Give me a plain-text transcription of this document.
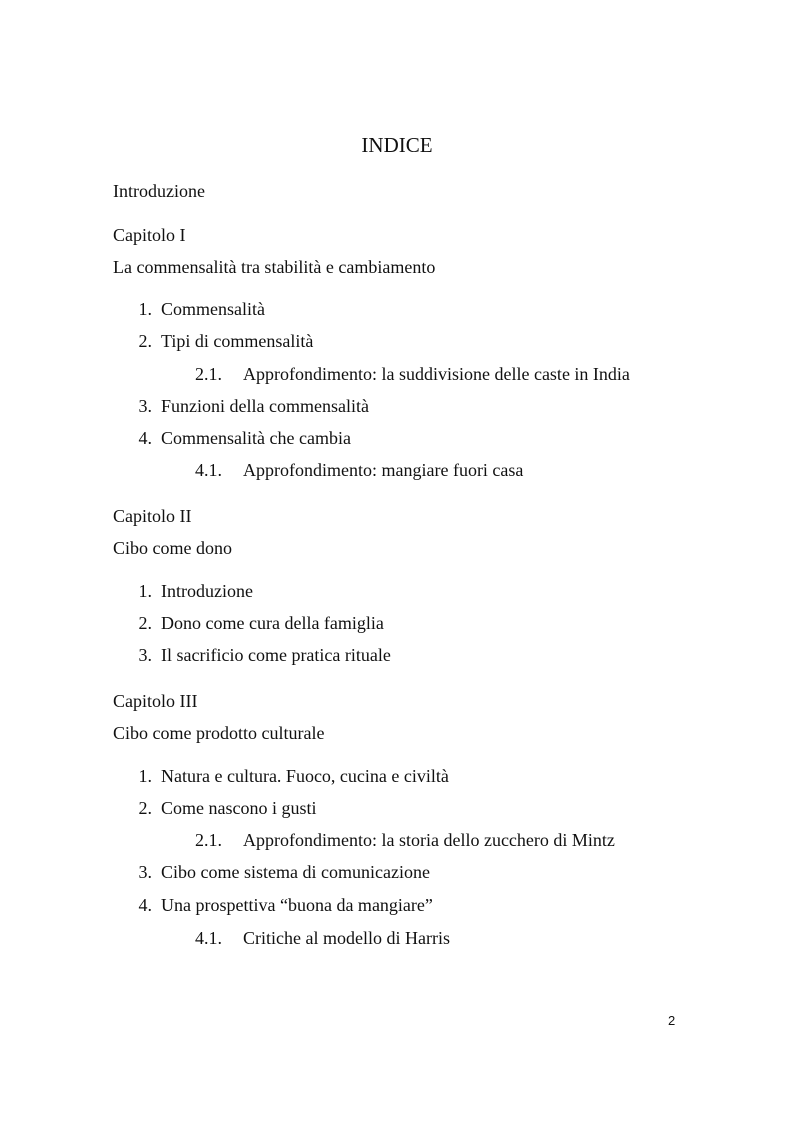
INDICE
Introduzione
Capitolo I
La commensalità tra stabilità e cambiamento
1. Commensalità
2. Tipi di commensalità
2.1. Approfondimento: la suddivisione delle caste in India
3. Funzioni della commensalità
4. Commensalità che cambia
4.1. Approfondimento: mangiare fuori casa
Capitolo II
Cibo come dono
1. Introduzione
2. Dono come cura della famiglia
3. Il sacrificio come pratica rituale
Capitolo III
Cibo come prodotto culturale
1. Natura e cultura. Fuoco, cucina e civiltà
2. Come nascono i gusti
2.1. Approfondimento: la storia dello zucchero di Mintz
3. Cibo come sistema di comunicazione
4. Una prospettiva “buona da mangiare”
4.1. Critiche al modello di Harris
2
